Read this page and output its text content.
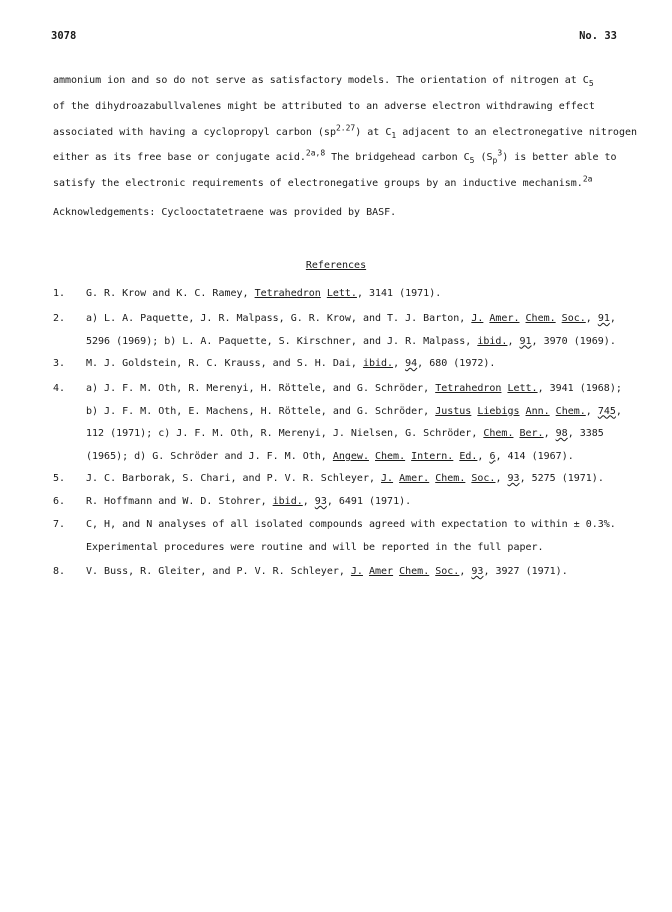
3078	No. 33
ammonium ion and so do not serve as satisfactory models. The orientation of nitrogen at $C_5$
of the dihydroazabullvalenes might be attributed to an adverse electron withdrawing effect
associated with having a cyclopropyl carbon $(sp^{2.27})$ at $C_1$ adjacent to an electronegative nitrogen
either as its free base or conjugate acid.$^{2a,8}$ The bridgehead carbon $C_5$ $(S_p^3)$ is better able to
satisfy the electronic requirements of electronegative groups by an inductive mechanism.$^{2a}$
Acknowledgements: Cyclooctatetraene was provided by BASF.
References
1. G. R. Krow and K. C. Ramey, Tetrahedron Lett., 3141 (1971).
2. a) L. A. Paquette, J. R. Malpass, G. R. Krow, and T. J. Barton, J. Amer. Chem. Soc., 91,
5296 (1969); b) L. A. Paquette, S. Kirschner, and J. R. Malpass, ibid., 91, 3970 (1969).
3. M. J. Goldstein, R. C. Krauss, and S. H. Dai, ibid., 94, 680 (1972).
4. a) J. F. M. Oth, R. Merenyi, H. Röttele, and G. Schröder, Tetrahedron Lett., 3941 (1968);
b) J. F. M. Oth, E. Machens, H. Röttele, and G. Schröder, Justus Liebigs Ann. Chem., 745,
112 (1971); c) J. F. M. Oth, R. Merenyi, J. Nielsen, G. Schröder, Chem. Ber., 98, 3385
(1965); d) G. Schröder and J. F. M. Oth, Angew. Chem. Intern. Ed., 6, 414 (1967).
5. J. C. Barborak, S. Chari, and P. V. R. Schleyer, J. Amer. Chem. Soc., 93, 5275 (1971).
6. R. Hoffmann and W. D. Stohrer, ibid., 93, 6491 (1971).
7. C, H, and N analyses of all isolated compounds agreed with expectation to within ± 0.3%.
Experimental procedures were routine and will be reported in the full paper.
8. V. Buss, R. Gleiter, and P. V. R. Schleyer, J. Amer Chem. Soc., 93, 3927 (1971).
